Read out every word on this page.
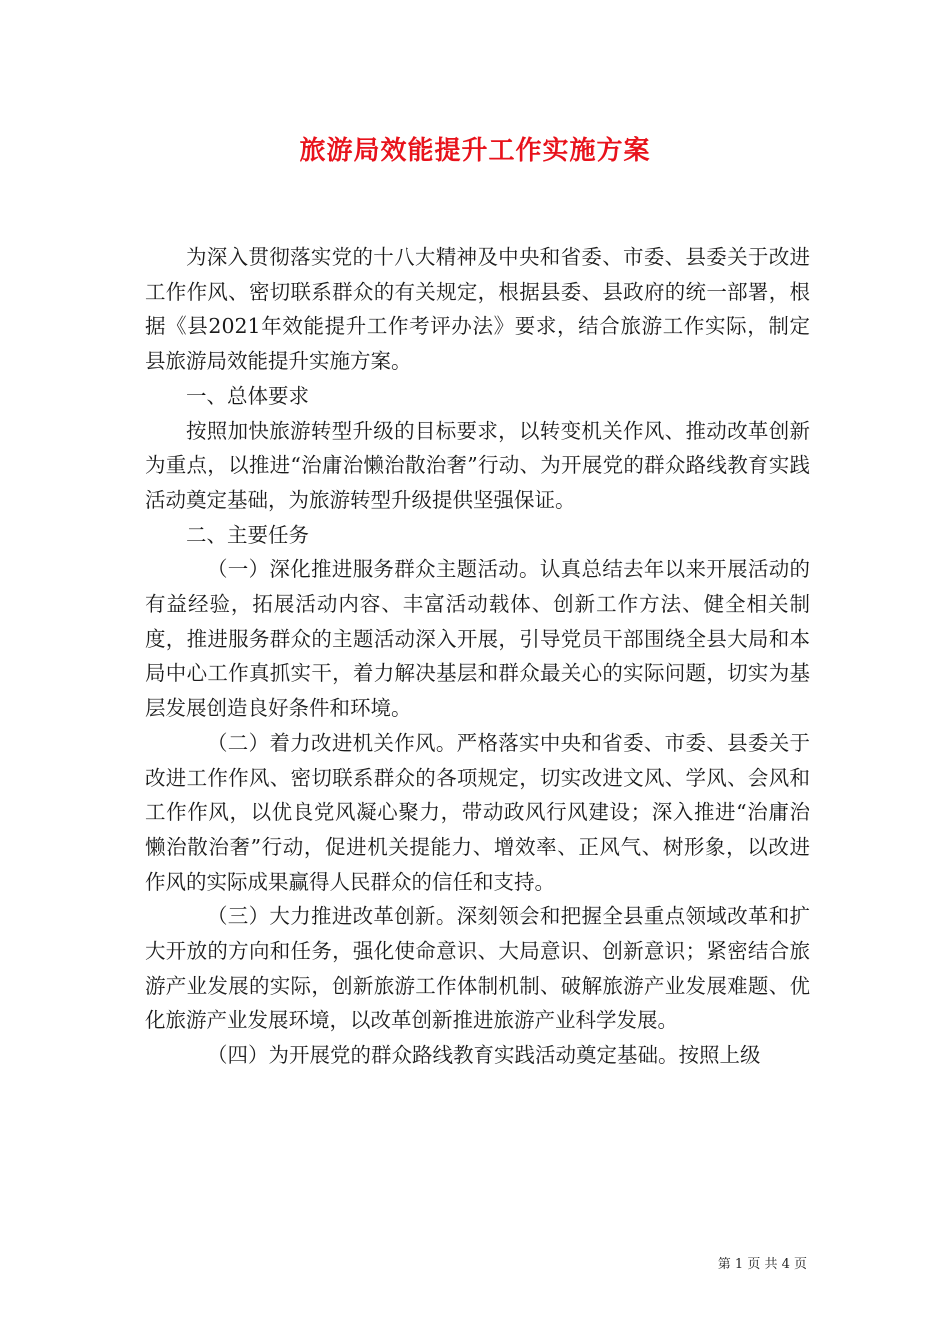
旅游局效能提升工作实施方案

为深入贯彻落实党的十八大精神及中央和省委、市委、县委关于改进工作作风、密切联系群众的有关规定，根据县委、县政府的统一部署，根据《县2021年效能提升工作考评办法》要求，结合旅游工作实际，制定县旅游局效能提升实施方案。

一、总体要求

按照加快旅游转型升级的目标要求，以转变机关作风、推动改革创新为重点，以推进“治庸治懒治散治奢”行动、为开展党的群众路线教育实践活动奠定基础，为旅游转型升级提供坚强保证。

二、主要任务

（一）深化推进服务群众主题活动。认真总结去年以来开展活动的有益经验，拓展活动内容、丰富活动载体、创新工作方法、健全相关制度，推进服务群众的主题活动深入开展，引导党员干部围绕全县大局和本局中心工作真抓实干，着力解决基层和群众最关心的实际问题，切实为基层发展创造良好条件和环境。

（二）着力改进机关作风。严格落实中央和省委、市委、县委关于改进工作作风、密切联系群众的各项规定，切实改进文风、学风、会风和工作作风，以优良党风凝心聚力，带动政风行风建设；深入推进“治庸治懒治散治奢”行动，促进机关提能力、增效率、正风气、树形象，以改进作风的实际成果赢得人民群众的信任和支持。

（三）大力推进改革创新。深刻领会和把握全县重点领域改革和扩大开放的方向和任务，强化使命意识、大局意识、创新意识；紧密结合旅游产业发展的实际，创新旅游工作体制机制、破解旅游产业发展难题、优化旅游产业发展环境，以改革创新推进旅游产业科学发展。

（四）为开展党的群众路线教育实践活动奠定基础。按照上级

第 1 页 共 4 页
